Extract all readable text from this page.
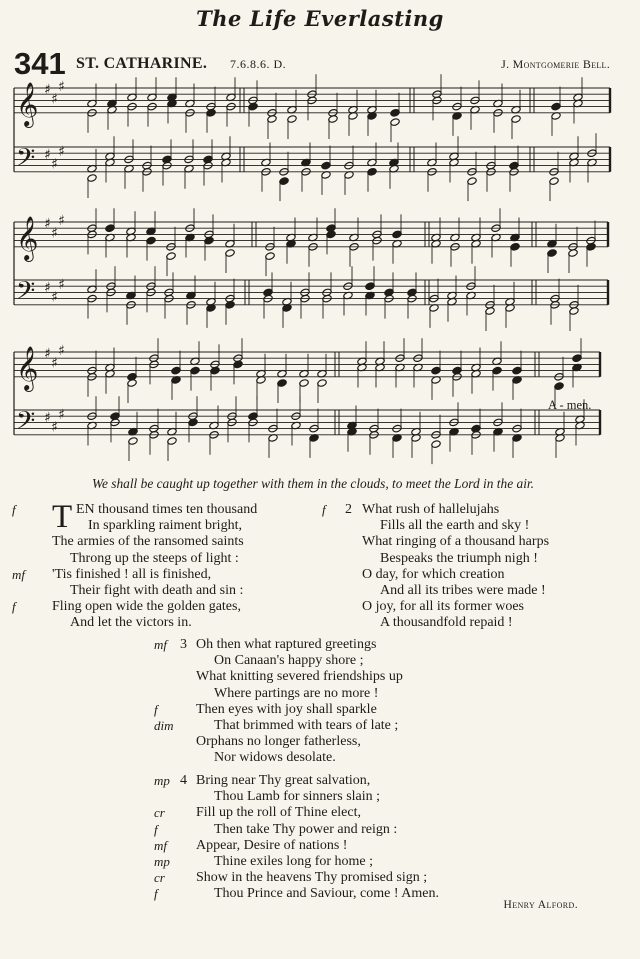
The Life Everlasting
341 ST. CATHARINE. 7.6.8.6. D.	J. Montgomerie Bell.
𝄞 ♯
♯
♯
𝄢 ♯
♯
♯
𝄞 ♯
♯
♯
𝄢 ♯
♯
♯
𝄞 ♯
♯
♯
𝄢 ♯
♯
♯
A - men.
We shall be caught up together with them in the clouds, to meet the Lord in the air.
f T EN thousand times ten thousand
In sparkling raiment bright,
The armies of the ransomed saints
Throng up the steeps of light :
mf 'Tis finished ! all is finished,
Their fight with death and sin :
f	Fling open wide the golden gates,
And let the victors in.
f 2 What rush of hallelujahs
Fills all the earth and sky !
What ringing of a thousand harps
Bespeaks the triumph nigh !
O day, for which creation
And all its tribes were made !
O joy, for all its former woes
A thousandfold repaid !
mf 3 Oh then what raptured greetings
On Canaan's happy shore ;
What knitting severed friendships up
Where partings are no more !
f	Then eyes with joy shall sparkle
dim	That brimmed with tears of late ;
Orphans no longer fatherless,
Nor widows desolate.
mp 4 Bring near Thy great salvation,
Thou Lamb for sinners slain ;
cr Fill up the roll of Thine elect,
f	Then take Thy power and reign :
mf Appear, Desire of nations !
mp	Thine exiles long for home ;
cr Show in the heavens Thy promised sign ;
f	Thou Prince and Saviour, come ! Amen.
Henry Alford.
